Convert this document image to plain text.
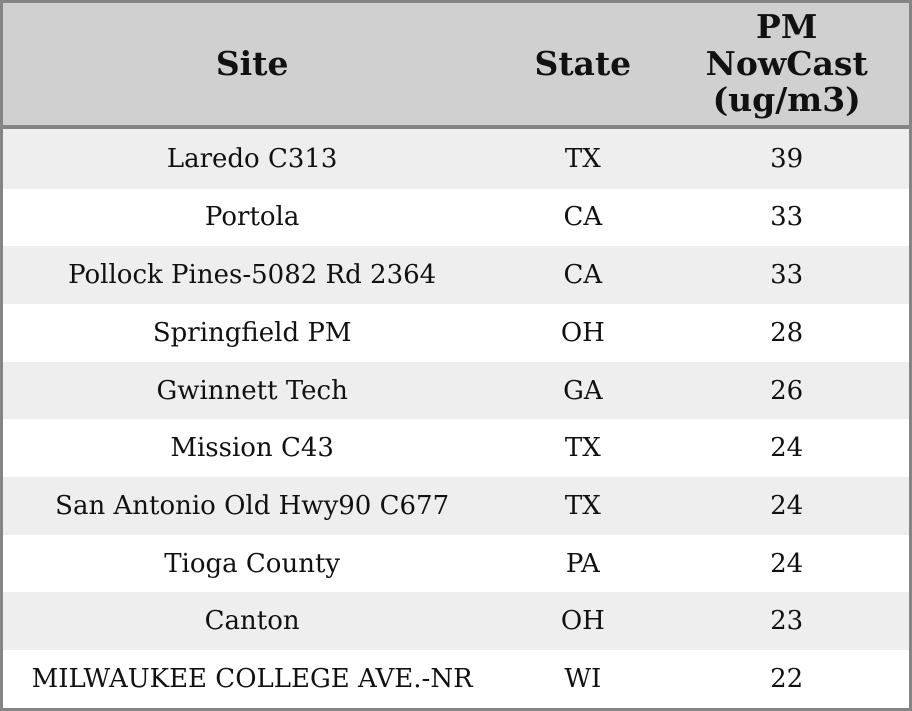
Site	State	PM NowCast (ug/m3)
Laredo C313	TX	39
Portola	CA	33
Pollock Pines-5082 Rd 2364	CA	33
Springfield PM	OH	28
Gwinnett Tech	GA	26
Mission C43	TX	24
San Antonio Old Hwy90 C677	TX	24
Tioga County	PA	24
Canton	OH	23
MILWAUKEE COLLEGE AVE.-NR	WI	22
